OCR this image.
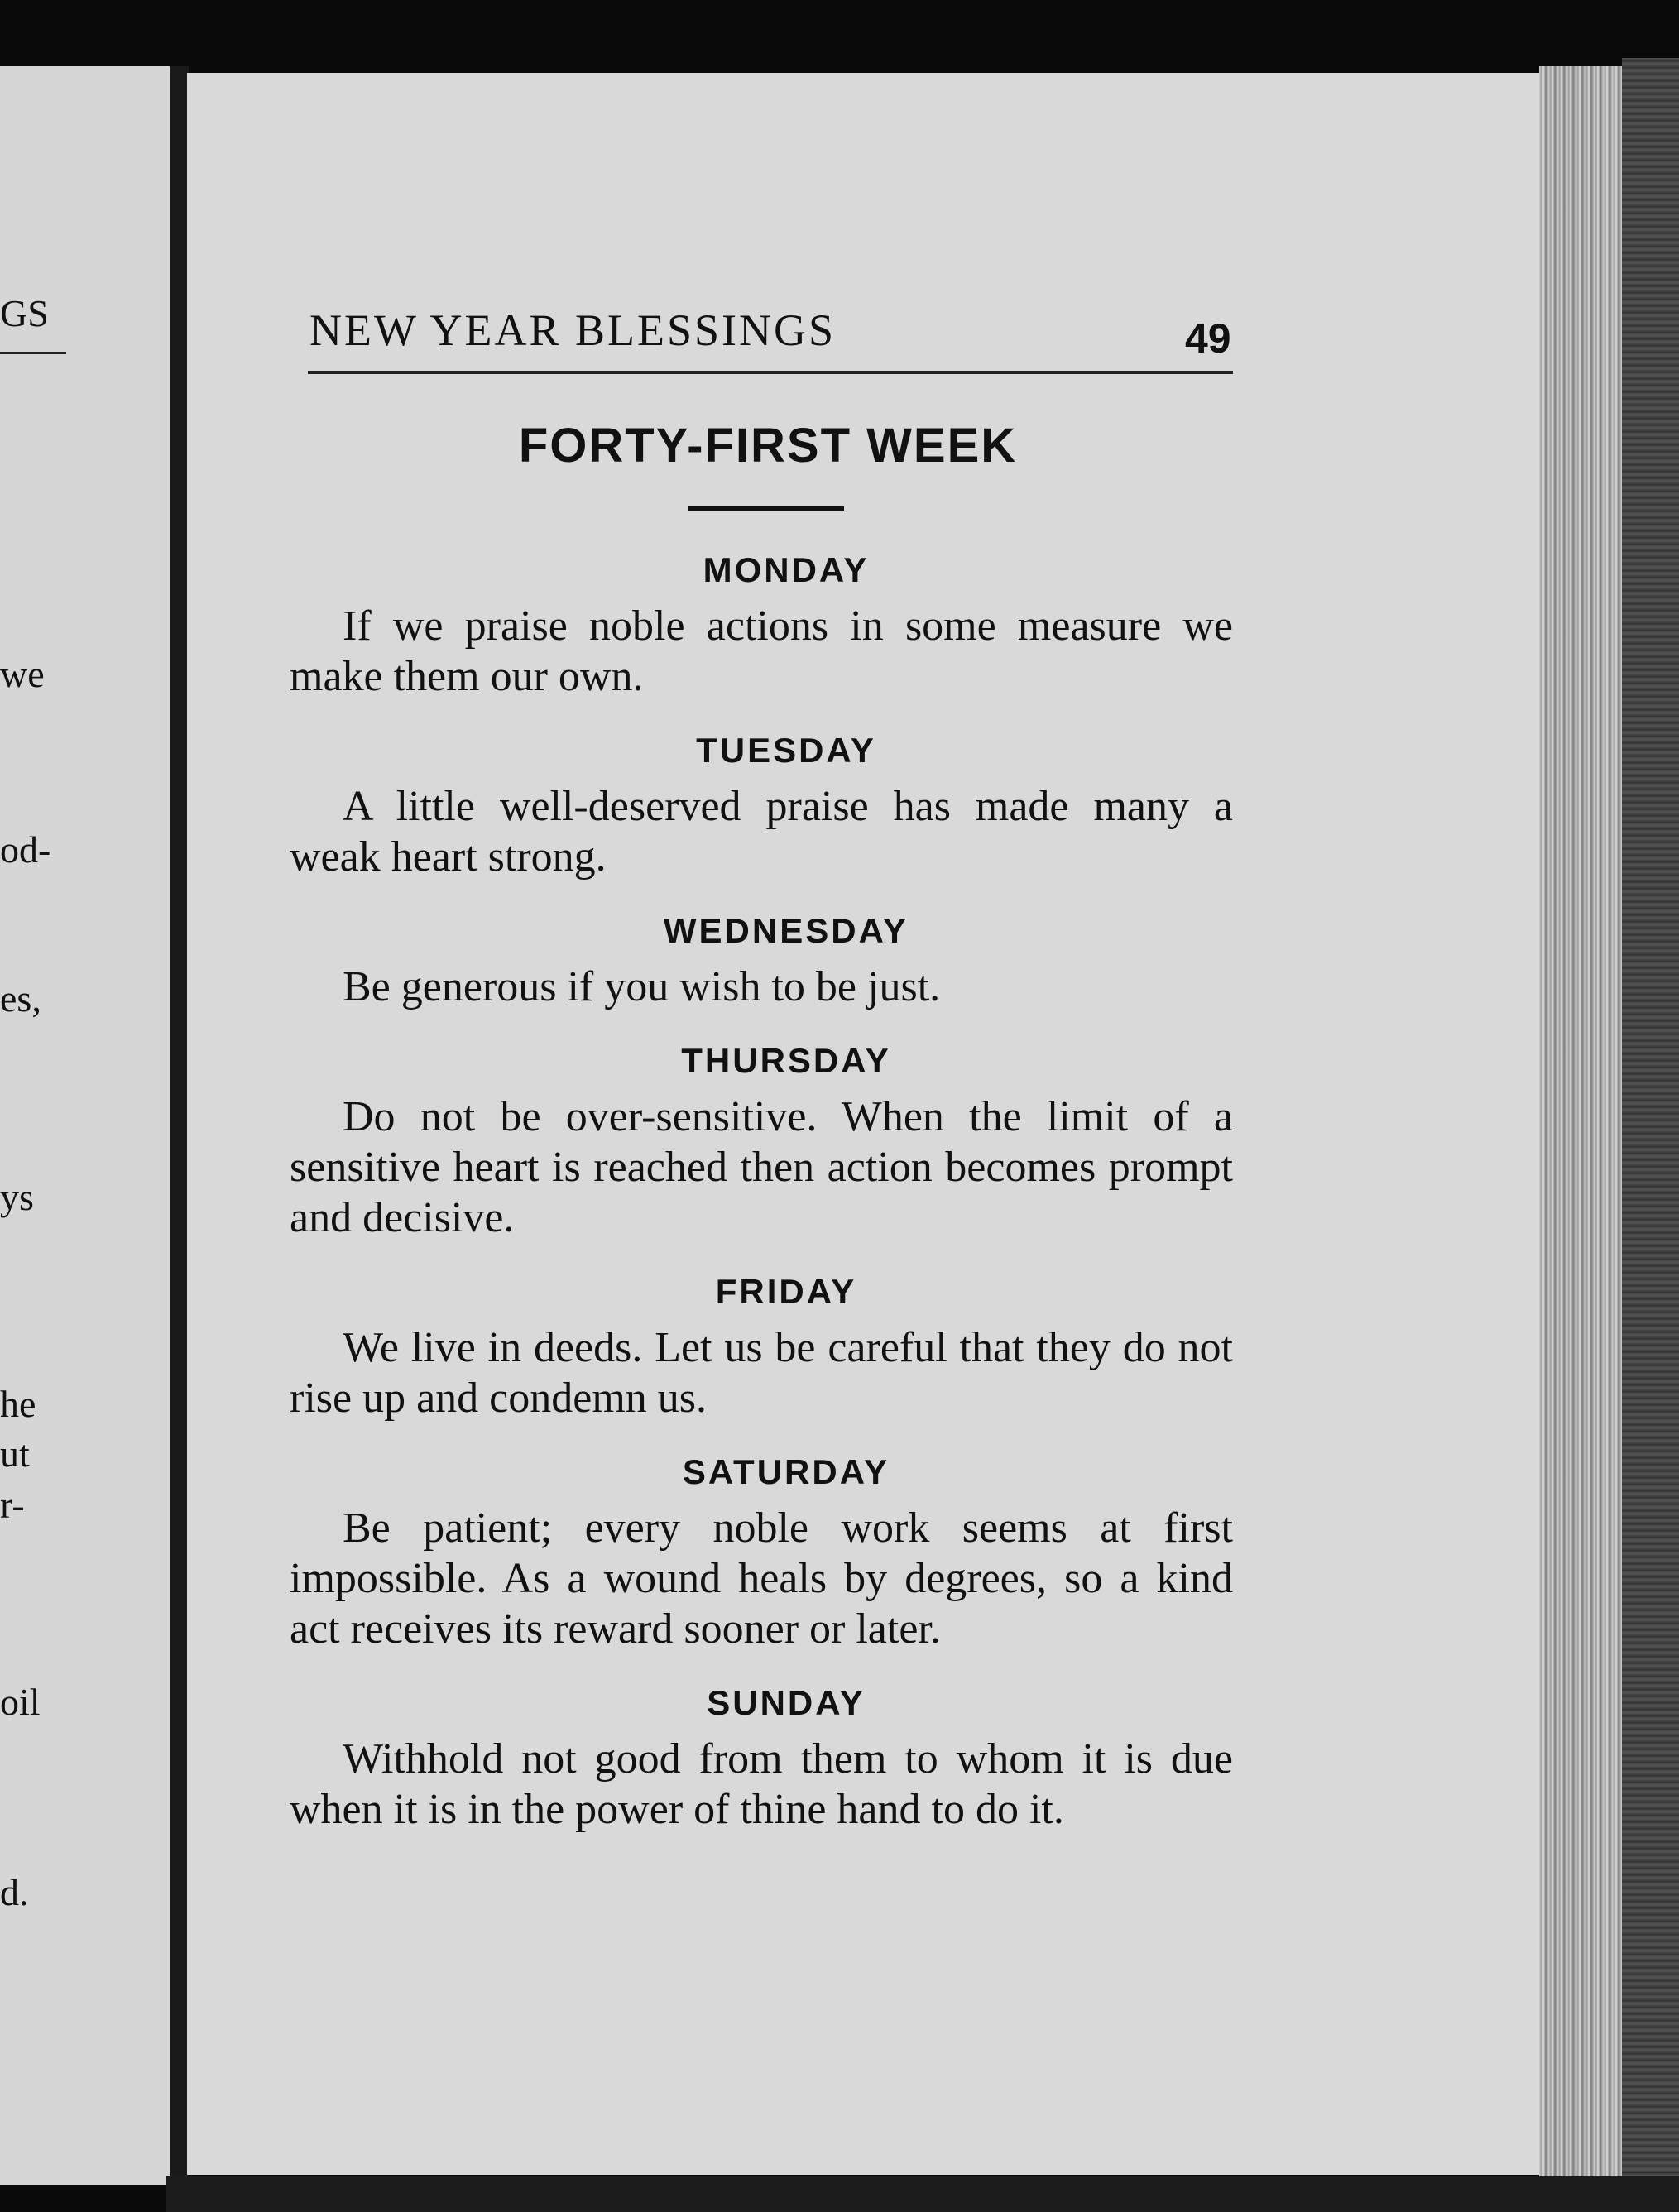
GS
we
od-
es,
ys
he
ut
r-
oil
d.
NEW YEAR BLESSINGS	49
FORTY-FIRST WEEK
MONDAY

If we praise noble actions in some measure we make them our own.

TUESDAY

A little well-deserved praise has made many a weak heart strong.

WEDNESDAY

Be generous if you wish to be just.

THURSDAY

Do not be over-sensitive. When the limit of a sensitive heart is reached then action becomes prompt and decisive.

FRIDAY

We live in deeds. Let us be careful that they do not rise up and condemn us.

SATURDAY

Be patient; every noble work seems at first impossible. As a wound heals by degrees, so a kind act receives its reward sooner or later.

SUNDAY

Withhold not good from them to whom it is due when it is in the power of thine hand to do it.
